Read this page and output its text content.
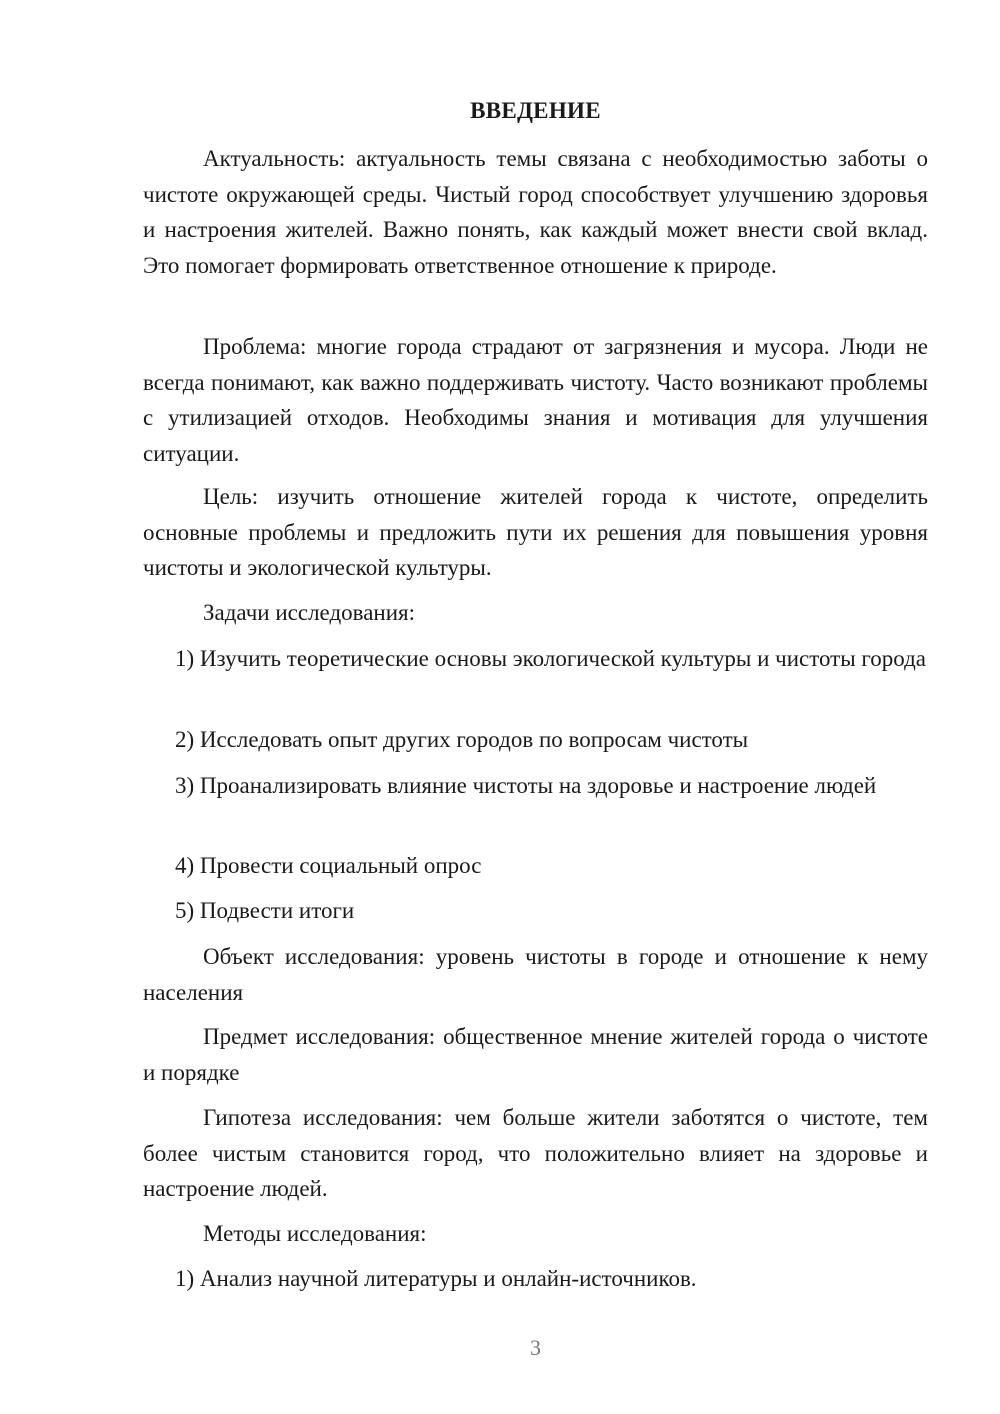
ВВЕДЕНИЕ

Актуальность: актуальность темы связана с необходимостью заботы о чистоте окружающей среды. Чистый город способствует улучшению здоровья и настроения жителей. Важно понять, как каждый может внести свой вклад. Это помогает формировать ответственное отношение к природе.

Проблема: многие города страдают от загрязнения и мусора. Люди не всегда понимают, как важно поддерживать чистоту. Часто возникают проблемы с утилизацией отходов. Необходимы знания и мотивация для улучшения ситуации.

Цель: изучить отношение жителей города к чистоте, определить основные проблемы и предложить пути их решения для повышения уровня чистоты и экологической культуры.

Задачи исследования:

1) Изучить теоретические основы экологической культуры и чистоты города

2) Исследовать опыт других городов по вопросам чистоты

3) Проанализировать влияние чистоты на здоровье и настроение людей

4) Провести социальный опрос

5) Подвести итоги

Объект исследования: уровень чистоты в городе и отношение к нему населения

Предмет исследования: общественное мнение жителей города о чистоте и порядке

Гипотеза исследования: чем больше жители заботятся о чистоте, тем более чистым становится город, что положительно влияет на здоровье и настроение людей.

Методы исследования:

1) Анализ научной литературы и онлайн-источников.

3
